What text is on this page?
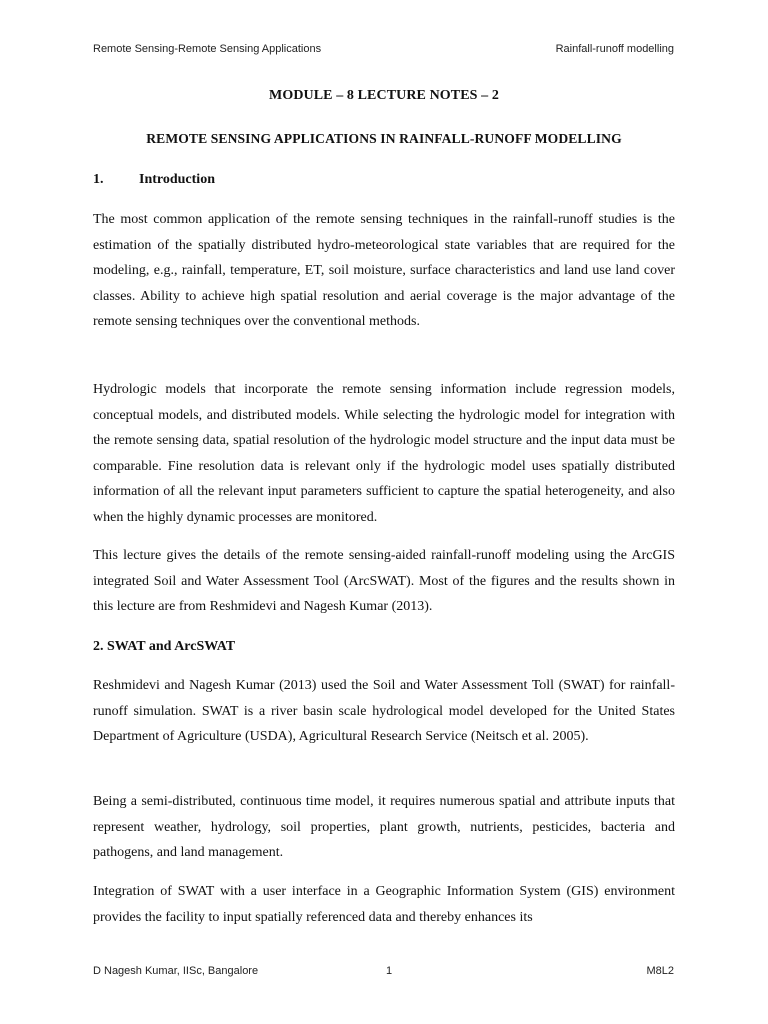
Remote Sensing-Remote Sensing Applications	Rainfall-runoff modelling
MODULE – 8 LECTURE NOTES – 2
REMOTE SENSING APPLICATIONS IN RAINFALL-RUNOFF MODELLING
1.	Introduction

The most common application of the remote sensing techniques in the rainfall-runoff studies is the estimation of the spatially distributed hydro-meteorological state variables that are required for the modeling, e.g., rainfall, temperature, ET, soil moisture, surface characteristics and land use land cover classes. Ability to achieve high spatial resolution and aerial coverage is the major advantage of the remote sensing techniques over the conventional methods.

Hydrologic models that incorporate the remote sensing information include regression models, conceptual models, and distributed models. While selecting the hydrologic model for integration with the remote sensing data, spatial resolution of the hydrologic model structure and the input data must be comparable. Fine resolution data is relevant only if the hydrologic model uses spatially distributed information of all the relevant input parameters sufficient to capture the spatial heterogeneity, and also when the highly dynamic processes are monitored.

This lecture gives the details of the remote sensing-aided rainfall-runoff modeling using the ArcGIS integrated Soil and Water Assessment Tool (ArcSWAT). Most of the figures and the results shown in this lecture are from Reshmidevi and Nagesh Kumar (2013).

2. SWAT and ArcSWAT

Reshmidevi and Nagesh Kumar (2013) used the Soil and Water Assessment Toll (SWAT) for rainfall-runoff simulation. SWAT is a river basin scale hydrological model developed for the United States Department of Agriculture (USDA), Agricultural Research Service (Neitsch et al. 2005).

Being a semi-distributed, continuous time model, it requires numerous spatial and attribute inputs that represent weather, hydrology, soil properties, plant growth, nutrients, pesticides, bacteria and pathogens, and land management.

Integration of SWAT with a user interface in a Geographic Information System (GIS) environment provides the facility to input spatially referenced data and thereby enhances its

D Nagesh Kumar, IISc, Bangalore	1	M8L2
